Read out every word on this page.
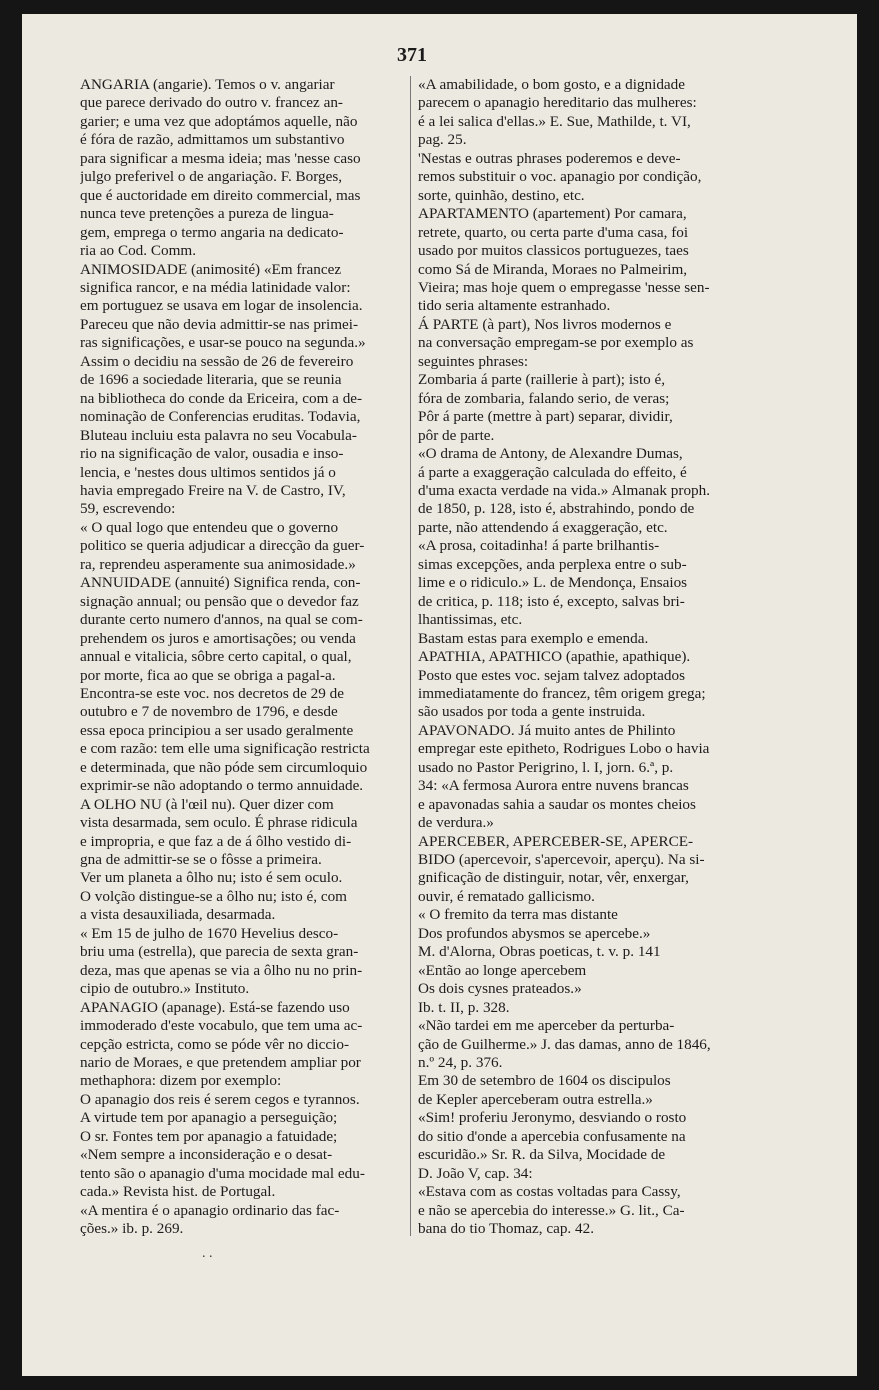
371
ANGARIA (angarie). Temos o v. angariar
que parece derivado do outro v. francez an-
garier; e uma vez que adoptámos aquelle, não
é fóra de razão, admittamos um substantivo
para significar a mesma ideia; mas 'nesse caso
julgo preferivel o de angariação. F. Borges,
que é auctoridade em direito commercial, mas
nunca teve pretenções a pureza de lingua-
gem, emprega o termo angaria na dedicato-
ria ao Cod. Comm.
ANIMOSIDADE (animosité) «Em francez
significa rancor, e na média latinidade valor:
em portuguez se usava em logar de insolencia.
Pareceu que não devia admittir-se nas primei-
ras significações, e usar-se pouco na segunda.»
Assim o decidiu na sessão de 26 de fevereiro
de 1696 a sociedade literaria, que se reunia
na bibliotheca do conde da Ericeira, com a de-
nominação de Conferencias eruditas. Todavia,
Bluteau incluiu esta palavra no seu Vocabula-
rio na significação de valor, ousadia e inso-
lencia, e 'nestes dous ultimos sentidos já o
havia empregado Freire na V. de Castro, IV,
59, escrevendo:
« O qual logo que entendeu que o governo
politico se queria adjudicar a direcção da guer-
ra, reprendeu asperamente sua animosidade.»
ANNUIDADE (annuité) Significa renda, con-
signação annual; ou pensão que o devedor faz
durante certo numero d'annos, na qual se com-
prehendem os juros e amortisações; ou venda
annual e vitalicia, sôbre certo capital, o qual,
por morte, fica ao que se obriga a pagal-a.
Encontra-se este voc. nos decretos de 29 de
outubro e 7 de novembro de 1796, e desde
essa epoca principiou a ser usado geralmente
e com razão: tem elle uma significação restricta
e determinada, que não póde sem circumloquio
exprimir-se não adoptando o termo annuidade.
A OLHO NU (à l'œil nu). Quer dizer com
vista desarmada, sem oculo. É phrase ridicula
e impropria, e que faz a de á ôlho vestido di-
gna de admittir-se se o fôsse a primeira.
Ver um planeta a ôlho nu; isto é sem oculo.
O volção distingue-se a ôlho nu; isto é, com
a vista desauxiliada, desarmada.
« Em 15 de julho de 1670 Hevelius desco-
briu uma (estrella), que parecia de sexta gran-
deza, mas que apenas se via a ôlho nu no prin-
cipio de outubro.» Instituto.
APANAGIO (apanage). Está-se fazendo uso
immoderado d'este vocabulo, que tem uma ac-
cepção estricta, como se póde vêr no diccio-
nario de Moraes, e que pretendem ampliar por
methaphora: dizem por exemplo:
O apanagio dos reis é serem cegos e tyrannos.
A virtude tem por apanagio a perseguição;
O sr. Fontes tem por apanagio a fatuidade;
«Nem sempre a inconsideração e o desat-
tento são o apanagio d'uma mocidade mal edu-
cada.» Revista hist. de Portugal.
«A mentira é o apanagio ordinario das fac-
ções.» ib. p. 269.
«A amabilidade, o bom gosto, e a dignidade
parecem o apanagio hereditario das mulheres:
é a lei salica d'ellas.» E. Sue, Mathilde, t. VI,
pag. 25.
'Nestas e outras phrases poderemos e deve-
remos substituir o voc. apanagio por condição,
sorte, quinhão, destino, etc.
APARTAMENTO (apartement) Por camara,
retrete, quarto, ou certa parte d'uma casa, foi
usado por muitos classicos portuguezes, taes
como Sá de Miranda, Moraes no Palmeirim,
Vieira; mas hoje quem o empregasse 'nesse sen-
tido seria altamente estranhado.
Á PARTE (à part), Nos livros modernos e
na conversação empregam-se por exemplo as
seguintes phrases:
Zombaria á parte (raillerie à part); isto é,
fóra de zombaria, falando serio, de veras;
Pôr á parte (mettre à part) separar, dividir,
pôr de parte.
«O drama de Antony, de Alexandre Dumas,
á parte a exaggeração calculada do effeito, é
d'uma exacta verdade na vida.» Almanak proph.
de 1850, p. 128, isto é, abstrahindo, pondo de
parte, não attendendo á exaggeração, etc.
«A prosa, coitadinha! á parte brilhantis-
simas excepções, anda perplexa entre o sub-
lime e o ridiculo.» L. de Mendonça, Ensaios
de critica, p. 118; isto é, excepto, salvas bri-
lhantissimas, etc.
Bastam estas para exemplo e emenda.
APATHIA, APATHICO (apathie, apathique).
Posto que estes voc. sejam talvez adoptados
immediatamente do francez, têm origem grega;
são usados por toda a gente instruida.
APAVONADO. Já muito antes de Philinto
empregar este epitheto, Rodrigues Lobo o havia
usado no Pastor Perigrino, l. I, jorn. 6.ª, p.
34: «A fermosa Aurora entre nuvens brancas
e apavonadas sahia a saudar os montes cheios
de verdura.»
APERCEBER, APERCEBER-SE, APERCE-
BIDO (apercevoir, s'apercevoir, aperçu). Na si-
gnificação de distinguir, notar, vêr, enxergar,
ouvir, é rematado gallicismo.
« O fremito da terra mas distante
Dos profundos abysmos se apercebe.»
M. d'Alorna, Obras poeticas, t. v. p. 141
«Então ao longe apercebem
Os dois cysnes prateados.»
Ib. t. II, p. 328.
«Não tardei em me aperceber da perturba-
ção de Guilherme.» J. das damas, anno de 1846,
n.º 24, p. 376.
Em 30 de setembro de 1604 os discipulos
de Kepler aperceberam outra estrella.»
«Sim! proferiu Jeronymo, desviando o rosto
do sitio d'onde a apercebia confusamente na
escuridão.» Sr. R. da Silva, Mocidade de
D. João V, cap. 34:
«Estava com as costas voltadas para Cassy,
e não se apercebia do interesse.» G. lit., Ca-
bana do tio Thomaz, cap. 42.
. .
